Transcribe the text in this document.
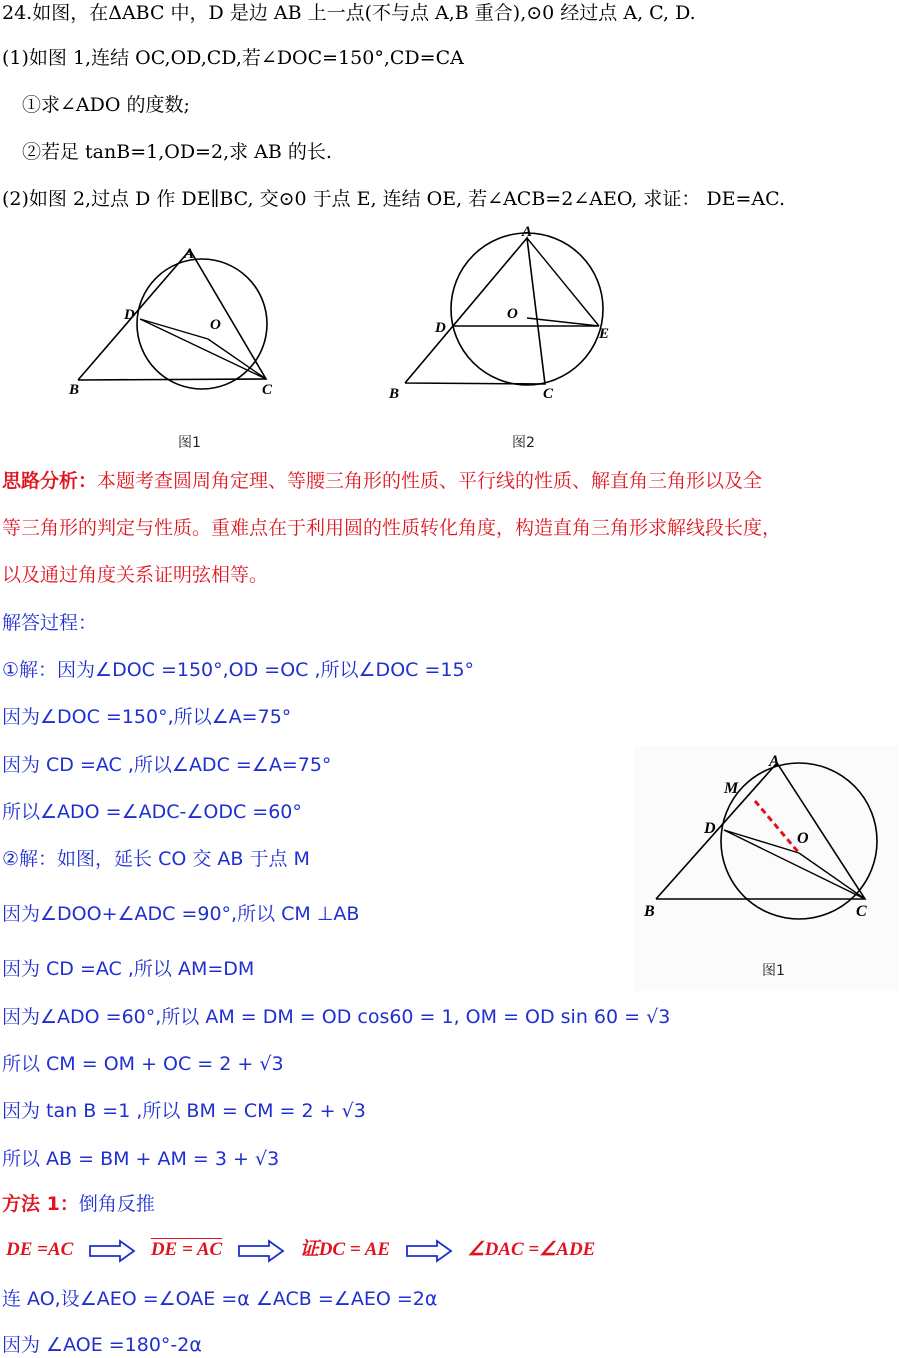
24.如图，在ΔABC 中，D 是边 AB 上一点(不与点 A,B 重合),⊙0 经过点 A, C, D.
(1)如图 1,连结 OC,OD,CD,若∠DOC=150°,CD=CA
①求∠ADO 的度数;
②若足 tanB=1,OD=2,求 AB 的长.
(2)如图 2,过点 D 作 DE∥BC, 交⊙0 于点 E, 连结 OE, 若∠ACB=2∠AEO, 求证： DE=AC.
A
D
O
B	C
图1
A
D
O
E
B	C
图2
思路分析：本题考查圆周角定理、等腰三角形的性质、平行线的性质、解直角三角形以及全
等三角形的判定与性质。重难点在于利用圆的性质转化角度，构造直角三角形求解线段长度，
以及通过角度关系证明弦相等。
解答过程：
①解：因为∠DOC =150°,OD =OC ,所以∠DOC =15°
因为∠DOC =150°,所以∠A=75°
因为 CD =AC ,所以∠ADC =∠A=75°
所以∠ADO =∠ADC-∠ODC =60°
②解：如图，延长 CO 交 AB 于点 M
因为∠DOO+∠ADC =90°,所以 CM ⊥AB
因为 CD =AC ,所以 AM=DM
因为∠ADO =60°,所以 AM = DM = OD cos60 = 1, OM = OD sin 60 = √3
所以 CM = OM + OC = 2 + √3
因为 tan B =1 ,所以 BM = CM = 2 + √3
所以 AB = BM + AM = 3 + √3
A
M
D
O
B	C
图1
方法 1：倒角反推
DE =AC	DE = AC	证DC = AE	∠DAC =∠ADE
连 AO,设∠AEO =∠OAE =α ∠ACB =∠AEO =2α
因为 ∠AOE =180°-2α
